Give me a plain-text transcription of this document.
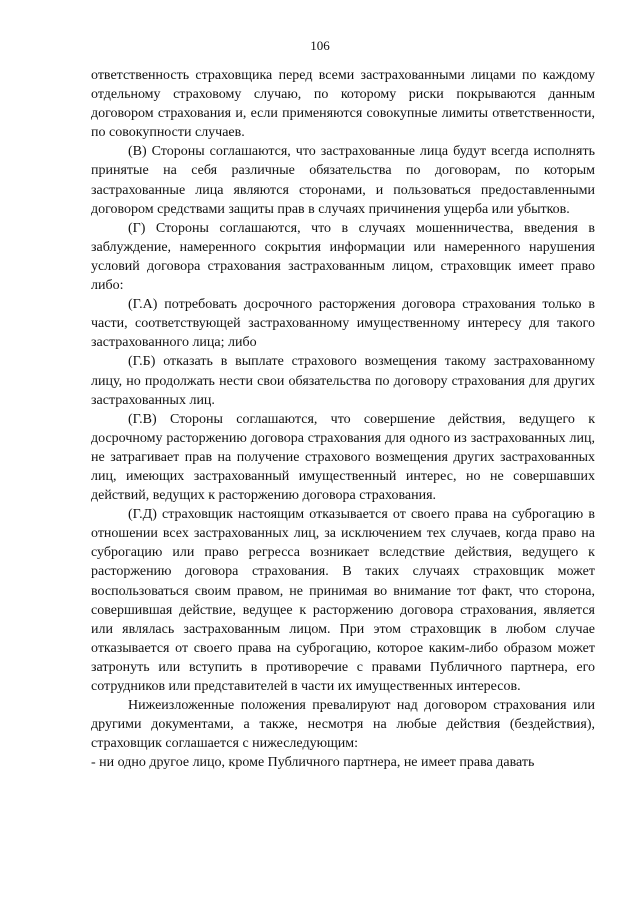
106

ответственность страховщика перед всеми застрахованными лицами по каждому отдельному страховому случаю, по которому риски покрываются данным договором страхования и, если применяются совокупные лимиты ответственности, по совокупности случаев.

(В) Стороны соглашаются, что застрахованные лица будут всегда исполнять принятые на себя различные обязательства по договорам, по которым застрахованные лица являются сторонами, и пользоваться предоставленными договором средствами защиты прав в случаях причинения ущерба или убытков.

(Г) Стороны соглашаются, что в случаях мошенничества, введения в заблуждение, намеренного сокрытия информации или намеренного нарушения условий договора страхования застрахованным лицом, страховщик имеет право либо:

(Г.А) потребовать досрочного расторжения договора страхования только в части, соответствующей застрахованному имущественному интересу для такого застрахованного лица; либо

(Г.Б) отказать в выплате страхового возмещения такому застрахованному лицу, но продолжать нести свои обязательства по договору страхования для других застрахованных лиц.

(Г.В) Стороны соглашаются, что совершение действия, ведущего к досрочному расторжению договора страхования для одного из застрахованных лиц, не затрагивает прав на получение страхового возмещения других застрахованных лиц, имеющих застрахованный имущественный интерес, но не совершавших действий, ведущих к расторжению договора страхования.

(Г.Д) страховщик настоящим отказывается от своего права на суброгацию в отношении всех застрахованных лиц, за исключением тех случаев, когда право на суброгацию или право регресса возникает вследствие действия, ведущего к расторжению договора страхования. В таких случаях страховщик может воспользоваться своим правом, не принимая во внимание тот факт, что сторона, совершившая действие, ведущее к расторжению договора страхования, является или являлась застрахованным лицом. При этом страховщик в любом случае отказывается от своего права на суброгацию, которое каким-либо образом может затронуть или вступить в противоречие с правами Публичного партнера, его сотрудников или представителей в части их имущественных интересов.

Нижеизложенные положения превалируют над договором страхования или другими документами, а также, несмотря на любые действия (бездействия), страховщик соглашается с нижеследующим:

- ни одно другое лицо, кроме Публичного партнера, не имеет права давать
